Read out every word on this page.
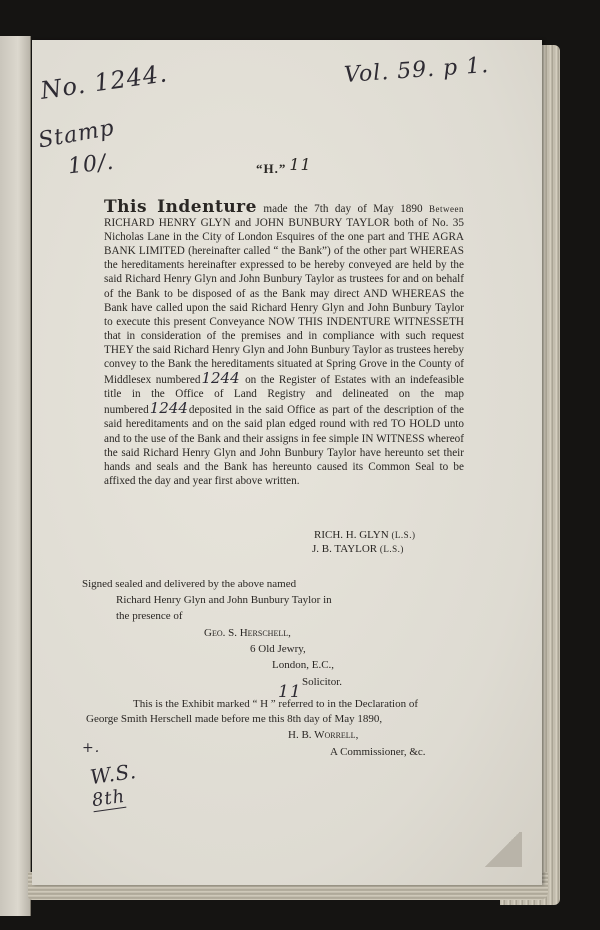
No. 1244.	Vol. 59. p 1.
Stamp
10/.	“H.” 11
This Indenture made the 7th day of May 1890 Between RICHARD HENRY GLYN and JOHN BUNBURY TAYLOR both of No. 35 Nicholas Lane in the City of London Esquires of the one part and THE AGRA BANK LIMITED (hereinafter called “ the Bank”) of the other part WHEREAS the hereditaments hereinafter expressed to be hereby conveyed are held by the said Richard Henry Glyn and John Bunbury Taylor as trustees for and on behalf of the Bank to be disposed of as the Bank may direct AND WHEREAS the Bank have called upon the said Richard Henry Glyn and John Bunbury Taylor to execute this present Conveyance NOW THIS INDENTURE WITNESSETH that in consideration of the premises and in compliance with such request THEY the said Richard Henry Glyn and John Bunbury Taylor as trustees hereby convey to the Bank the hereditaments situated at Spring Grove in the County of Middlesex numbered1244 on the Register of Estates with an indefeasible title in the Office of Land Registry and delineated on the map numbered1244deposited in the said Office as part of the description of the said hereditaments and on the said plan edged round with red TO HOLD unto and to the use of the Bank and their assigns in fee simple IN WITNESS whereof the said Richard Henry Glyn and John Bunbury Taylor have hereunto set their hands and seals and the Bank has hereunto caused its Common Seal to be affixed the day and year first above written.
RICH. H. GLYN (L.S.)
J. B. TAYLOR (L.S.)
Signed sealed and delivered by the above named
Richard Henry Glyn and John Bunbury Taylor in
the presence of
Geo. S. Herschell,
6 Old Jewry,
London, E.C.,
Solicitor.
11
This is the Exhibit marked “ H ” referred to in the Declaration of
George Smith Herschell made before me this 8th day of May 1890,
H. B. Worrell,
A Commissioner, &c.
+.
W.S.
8th
